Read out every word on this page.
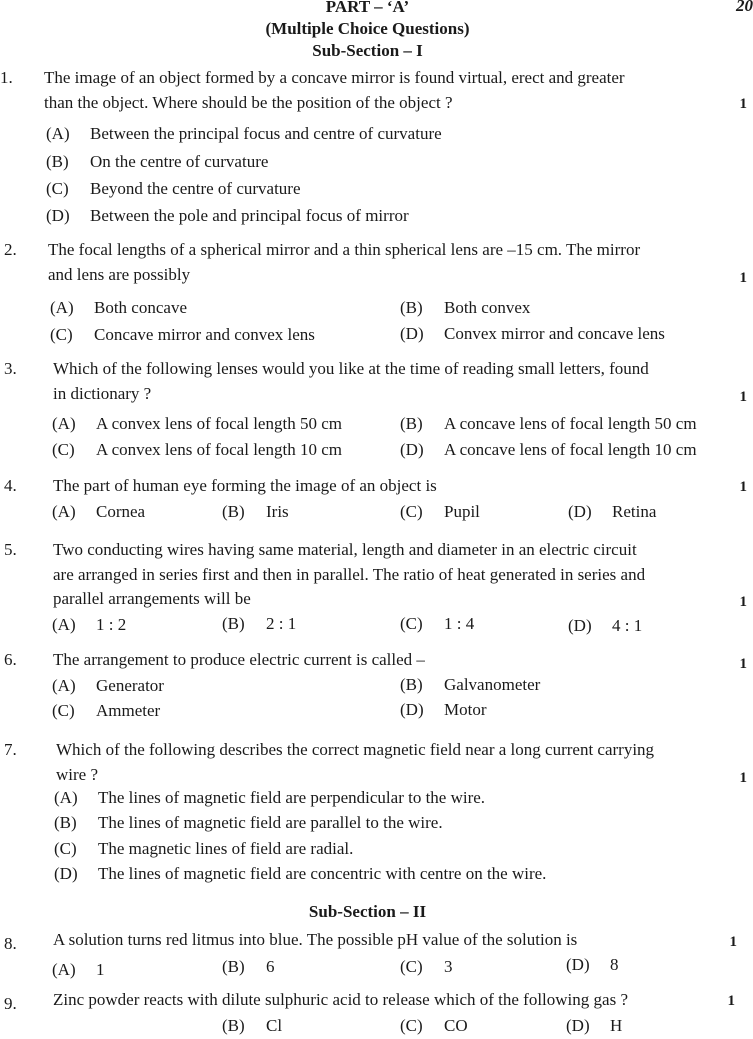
20
PART – ‘A’
(Multiple Choice Questions)
Sub-Section – I
1. The image of an object formed by a concave mirror is found virtual, erect and greater
than the object. Where should be the position of the object ?	1
(A) Between the principal focus and centre of curvature
(B) On the centre of curvature
(C) Beyond the centre of curvature
(D) Between the pole and principal focus of mirror
2. The focal lengths of a spherical mirror and a thin spherical lens are –15 cm. The mirror
and lens are possibly	1
(A) Both concave	(B) Both convex
(C) Concave mirror and convex lens	(D) Convex mirror and concave lens
3. Which of the following lenses would you like at the time of reading small letters, found
in dictionary ?	1
(A) A convex lens of focal length 50 cm	(B) A concave lens of focal length 50 cm
(C) A convex lens of focal length 10 cm	(D) A concave lens of focal length 10 cm
4. The part of human eye forming the image of an object is	1
(A) Cornea	(B) Iris	(C) Pupil	(D) Retina
5. Two conducting wires having same material, length and diameter in an electric circuit
are arranged in series first and then in parallel. The ratio of heat generated in series and
parallel arrangements will be	1
(A) 1 : 2	(B) 2 : 1	(C) 1 : 4	(D) 4 : 1
6. The arrangement to produce electric current is called –	1
(A) Generator	(B) Galvanometer
(C) Ammeter	(D) Motor
7. Which of the following describes the correct magnetic field near a long current carrying
wire ?	1
(A) The lines of magnetic field are perpendicular to the wire.
(B) The lines of magnetic field are parallel to the wire.
(C) The magnetic lines of field are radial.
(D) The lines of magnetic field are concentric with centre on the wire.
Sub-Section – II
8. A solution turns red litmus into blue. The possible pH value of the solution is	1
(A) 1	(B) 6	(C) 3	(D) 8
9. Zinc powder reacts with dilute sulphuric acid to release which of the following gas ?	1
(B) Cl	(C) CO	(D) H
